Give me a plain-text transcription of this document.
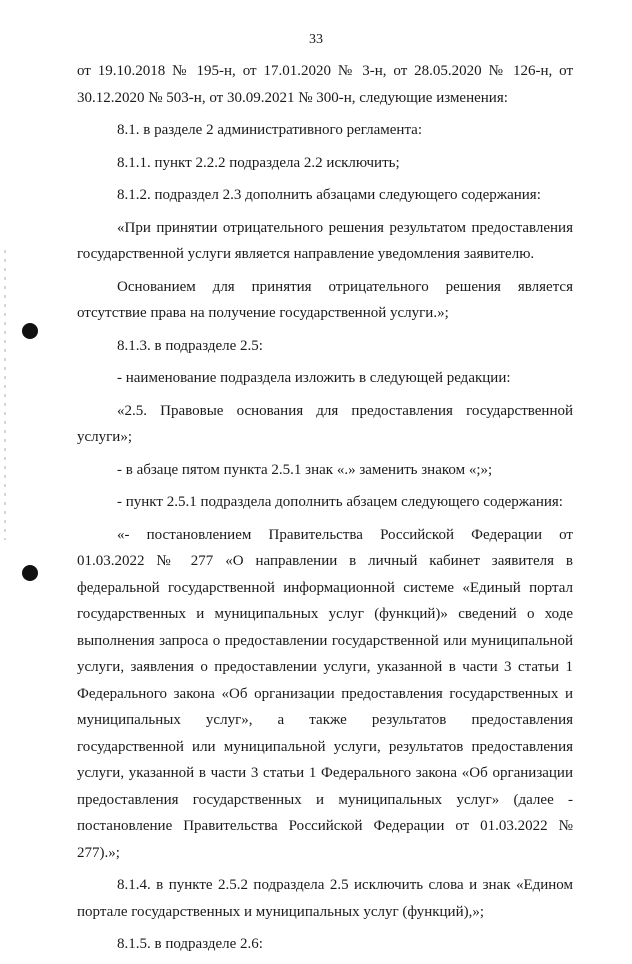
33

от 19.10.2018 № 195-н, от 17.01.2020 № 3-н, от 28.05.2020 № 126-н, от 30.12.2020 № 503-н, от 30.09.2021 № 300-н, следующие изменения:

8.1. в разделе 2 административного регламента:

8.1.1. пункт 2.2.2 подраздела 2.2 исключить;

8.1.2. подраздел 2.3 дополнить абзацами следующего содержания:

«При принятии отрицательного решения результатом предоставления государственной услуги является направление уведомления заявителю.

Основанием для принятия отрицательного решения является отсутствие права на получение государственной услуги.»;

8.1.3. в подразделе 2.5:

- наименование подраздела изложить в следующей редакции:

«2.5. Правовые основания для предоставления государственной услуги»;

- в абзаце пятом пункта 2.5.1 знак «.» заменить знаком «;»;

- пункт 2.5.1 подраздела дополнить абзацем следующего содержания:

«- постановлением Правительства Российской Федерации от 01.03.2022 № 277 «О направлении в личный кабинет заявителя в федеральной государственной информационной системе «Единый портал государственных и муниципальных услуг (функций)» сведений о ходе выполнения запроса о предоставлении государственной или муниципальной услуги, заявления о предоставлении услуги, указанной в части 3 статьи 1 Федерального закона «Об организации предоставления государственных и муниципальных услуг», а также результатов предоставления государственной или муниципальной услуги, результатов предоставления услуги, указанной в части 3 статьи 1 Федерального закона «Об организации предоставления государственных и муниципальных услуг» (далее - постановление Правительства Российской Федерации от 01.03.2022 № 277).»;

8.1.4. в пункте 2.5.2 подраздела 2.5 исключить слова и знак «Едином портале государственных и муниципальных услуг (функций),»;

8.1.5. в подразделе 2.6:
